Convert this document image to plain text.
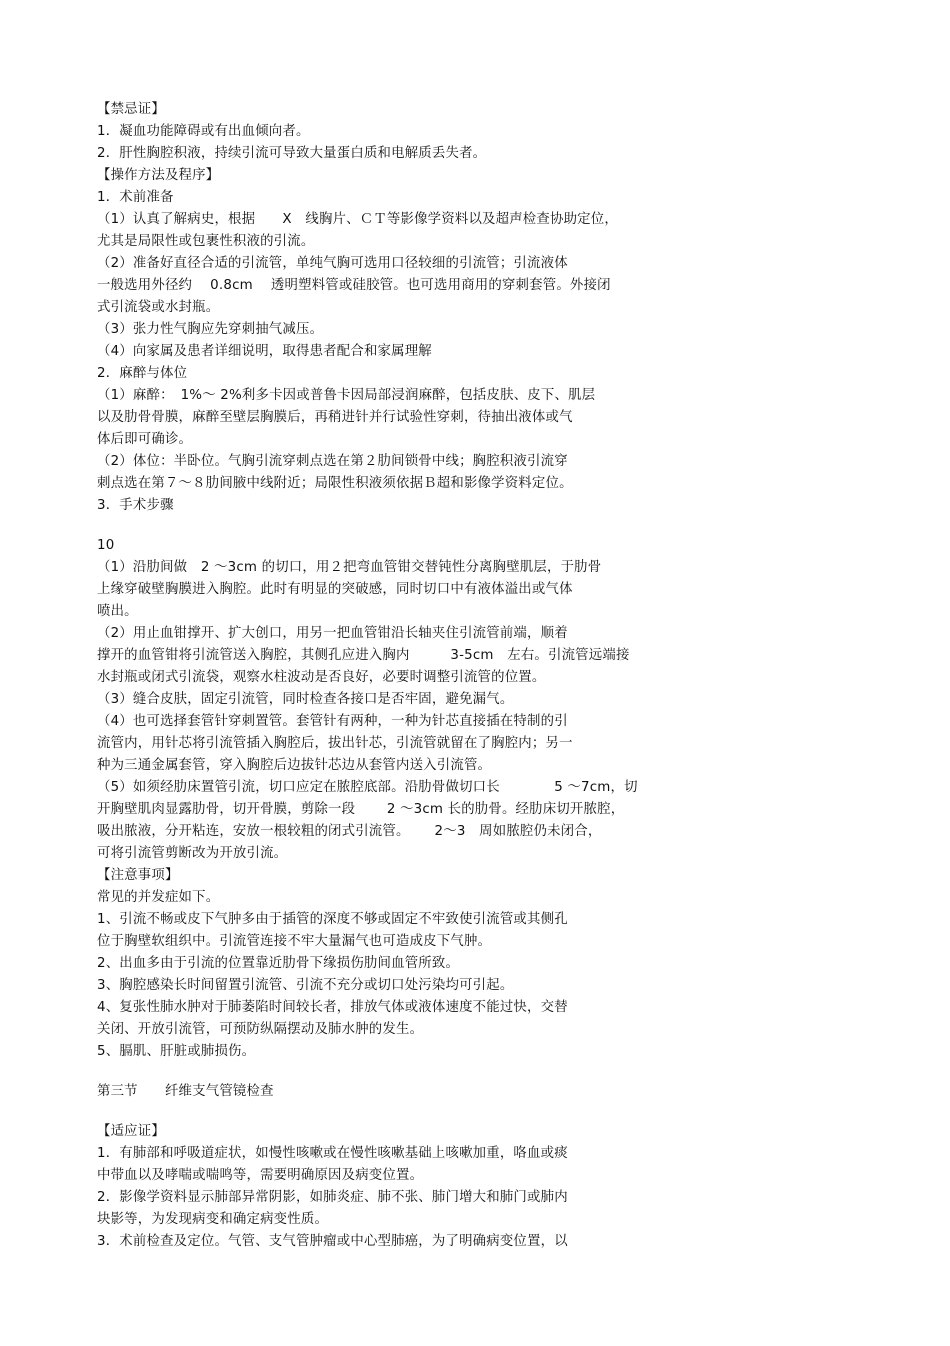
【禁忌证】

1．凝血功能障碍或有出血倾向者。

2．肝性胸腔积液，持续引流可导致大量蛋白质和电解质丢失者。

【操作方法及程序】

1．术前准备

（1）认真了解病史，根据　　X　线胸片、ＣＴ等影像学资料以及超声检查协助定位，

尤其是局限性或包裹性积液的引流。

（2）准备好直径合适的引流管，单纯气胸可选用口径较细的引流管；引流液体

一般选用外径约　 0.8cm　 透明塑料管或硅胶管。也可选用商用的穿刺套管。外接闭

式引流袋或水封瓶。

（3）张力性气胸应先穿刺抽气减压。

（4）向家属及患者详细说明，取得患者配合和家属理解

2．麻醉与体位

（1）麻醉：　1%～ 2%利多卡因或普鲁卡因局部浸润麻醉，包括皮肤、皮下、肌层

以及肋骨骨膜，麻醉至壁层胸膜后，再稍进针并行试验性穿刺，待抽出液体或气

体后即可确诊。

（2）体位：半卧位。气胸引流穿刺点选在第２肋间锁骨中线；胸腔积液引流穿

刺点选在第７～８肋间腋中线附近；局限性积液须依据Ｂ超和影像学资料定位。

3．手术步骤

10

（1）沿肋间做　2 ～3cm 的切口，用２把弯血管钳交替钝性分离胸壁肌层，于肋骨

上缘穿破壁胸膜进入胸腔。此时有明显的突破感，同时切口中有液体溢出或气体

喷出。

（2）用止血钳撑开、扩大创口，用另一把血管钳沿长轴夹住引流管前端，顺着

撑开的血管钳将引流管送入胸腔，其侧孔应进入胸内　　　3-5cm　左右。引流管远端接

水封瓶或闭式引流袋，观察水柱波动是否良好，必要时调整引流管的位置。

（3）缝合皮肤，固定引流管，同时检查各接口是否牢固，避免漏气。

（4）也可选择套管针穿刺置管。套管针有两种，一种为针芯直接插在特制的引

流管内，用针芯将引流管插入胸腔后，拔出针芯，引流管就留在了胸腔内；另一

种为三通金属套管，穿入胸腔后边拔针芯边从套管内送入引流管。

（5）如须经肋床置管引流，切口应定在脓腔底部。沿肋骨做切口长　　　　5 ～7cm，切

开胸壁肌肉显露肋骨，切开骨膜，剪除一段　　 2 ～3cm 长的肋骨。经肋床切开脓腔，

吸出脓液，分开粘连，安放一根较粗的闭式引流管。　　 2～3　周如脓腔仍未闭合，

可将引流管剪断改为开放引流。

【注意事项】

常见的并发症如下。

1、引流不畅或皮下气肿多由于插管的深度不够或固定不牢致使引流管或其侧孔

位于胸壁软组织中。引流管连接不牢大量漏气也可造成皮下气肿。

2、出血多由于引流的位置靠近肋骨下缘损伤肋间血管所致。

3、胸腔感染长时间留置引流管、引流不充分或切口处污染均可引起。

4、复张性肺水肿对于肺萎陷时间较长者，排放气体或液体速度不能过快，交替

关闭、开放引流管，可预防纵隔摆动及肺水肿的发生。

5、膈肌、肝脏或肺损伤。

第三节　　纤维支气管镜检查

【适应证】

1．有肺部和呼吸道症状，如慢性咳嗽或在慢性咳嗽基础上咳嗽加重，咯血或痰

中带血以及哮喘或喘鸣等，需要明确原因及病变位置。

2．影像学资料显示肺部异常阴影，如肺炎症、肺不张、肺门增大和肺门或肺内

块影等，为发现病变和确定病变性质。

3．术前检查及定位。气管、支气管肿瘤或中心型肺癌，为了明确病变位置，以
